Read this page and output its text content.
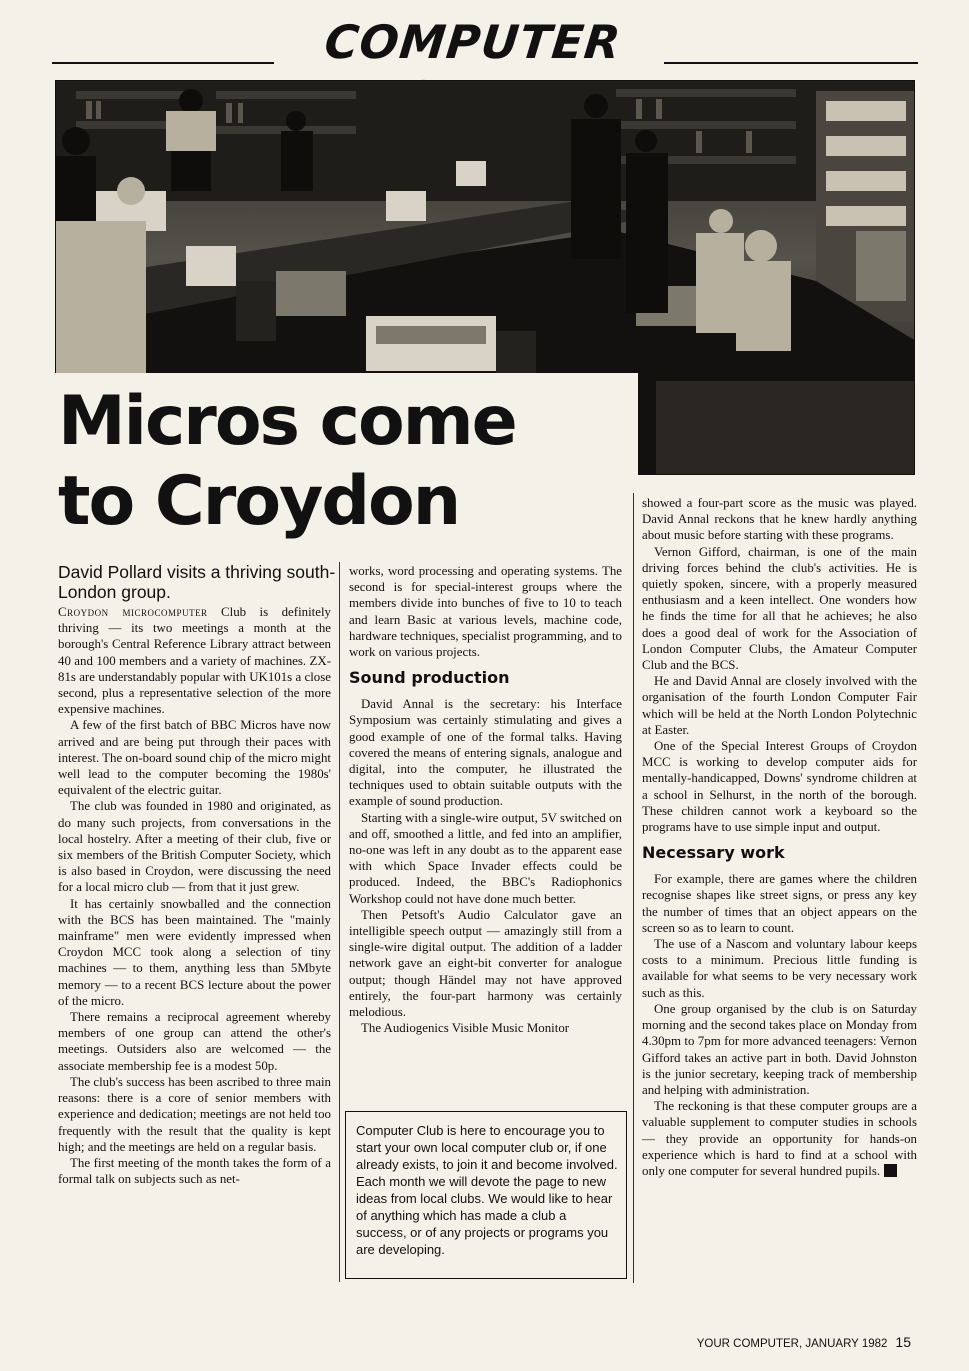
COMPUTER
Micros come
to Croydon

David Pollard visits a thriving south-London group.

Croydon microcomputer Club is definitely thriving — its two meetings a month at the borough's Central Reference Library attract between 40 and 100 members and a variety of machines. ZX-81s are understandably popular with UK101s a close second, plus a representative selection of the more expensive machines.

A few of the first batch of BBC Micros have now arrived and are being put through their paces with interest. The on-board sound chip of the micro might well lead to the computer becoming the 1980s' equivalent of the electric guitar.

The club was founded in 1980 and originated, as do many such projects, from conversations in the local hostelry. After a meeting of their club, five or six members of the British Computer Society, which is also based in Croydon, were discussing the need for a local micro club — from that it just grew.

It has certainly snowballed and the connection with the BCS has been maintained. The "mainly mainframe" men were evidently impressed when Croydon MCC took along a selection of tiny machines — to them, anything less than 5Mbyte memory — to a recent BCS lecture about the power of the micro.

There remains a reciprocal agreement whereby members of one group can attend the other's meetings. Outsiders also are welcomed — the associate membership fee is a modest 50p.

The club's success has been ascribed to three main reasons: there is a core of senior members with experience and dedication; meetings are not held too frequently with the result that the quality is kept high; and the meetings are held on a regular basis.

The first meeting of the month takes the form of a formal talk on subjects such as net-

works, word processing and operating systems. The second is for special-interest groups where the members divide into bunches of five to 10 to teach and learn Basic at various levels, machine code, hardware techniques, specialist programming, and to work on various projects.

Sound production

David Annal is the secretary: his Interface Symposium was certainly stimulating and gives a good example of one of the formal talks. Having covered the means of entering signals, analogue and digital, into the computer, he illustrated the techniques used to obtain suitable outputs with the example of sound production.

Starting with a single-wire output, 5V switched on and off, smoothed a little, and fed into an amplifier, no-one was left in any doubt as to the apparent ease with which Space Invader effects could be produced. Indeed, the BBC's Radiophonics Workshop could not have done much better.

Then Petsoft's Audio Calculator gave an intelligible speech output — amazingly still from a single-wire digital output. The addition of a ladder network gave an eight-bit converter for analogue output; though Händel may not have approved entirely, the four-part harmony was certainly melodious.

The Audiogenics Visible Music Monitor

showed a four-part score as the music was played. David Annal reckons that he knew hardly anything about music before starting with these programs.

Vernon Gifford, chairman, is one of the main driving forces behind the club's activities. He is quietly spoken, sincere, with a properly measured enthusiasm and a keen intellect. One wonders how he finds the time for all that he achieves; he also does a good deal of work for the Association of London Computer Clubs, the Amateur Computer Club and the BCS.

He and David Annal are closely involved with the organisation of the fourth London Computer Fair which will be held at the North London Polytechnic at Easter.

One of the Special Interest Groups of Croydon MCC is working to develop computer aids for mentally-handicapped, Downs' syndrome children at a school in Selhurst, in the north of the borough. These children cannot work a keyboard so the programs have to use simple input and output.

Necessary work

For example, there are games where the children recognise shapes like street signs, or press any key the number of times that an object appears on the screen so as to learn to count.

The use of a Nascom and voluntary labour keeps costs to a minimum. Precious little funding is available for what seems to be very necessary work such as this.

One group organised by the club is on Saturday morning and the second takes place on Monday from 4.30pm to 7pm for more advanced teenagers: Vernon Gifford takes an active part in both. David Johnston is the junior secretary, keeping track of membership and helping with administration.

The reckoning is that these computer groups are a valuable supplement to computer studies in schools — they provide an opportunity for hands-on experience which is hard to find at a school with only one computer for several hundred pupils.

Computer Club is here to encourage you to start your own local computer club or, if one already exists, to join it and become involved. Each month we will devote the page to new ideas from local clubs. We would like to hear of anything which has made a club a success, or of any projects or programs you are developing.
YOUR COMPUTER, JANUARY 1982 15
